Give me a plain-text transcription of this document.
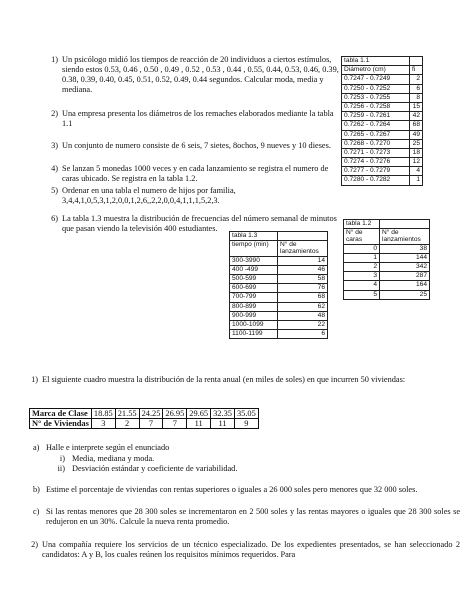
1) Un psicólogo midió los tiempos de reacción de 20 individuos a ciertos estímulos, siendo estos 0.53, 0.46 , 0.50 , 0.49 , 0.52 , 0.53 , 0.44 , 0.55, 0.44, 0.53, 0.46, 0.39, 0.38, 0.39, 0.40, 0.45, 0.51, 0.52, 0.49, 0.44 segundos. Calcular moda, media y mediana.
2) Una empresa presenta los diámetros de los remaches elaborados mediante la tabla 1.1
3) Un conjunto de numero consiste de 6 seis, 7 sietes, 8ochos, 9 nueves y 10 dieses.
4) Se lanzan 5 monedas 1000 veces y en cada lanzamiento se registra el numero de caras ubicado. Se registra en la tabla 1.2.
5) Ordenar en una tabla el numero de hijos por familia, 3,4,4,1,0,5,3,1,2,0,0,1,2,6,,2,2,0,0,4,1,1,1,5,2,3.
6) La tabla 1.3 muestra la distribución de frecuencias del número semanal de minutos que pasan viendo la televisión 400 estudiantes.
tabla 1.1	
Diámetro (cm)	fi
0.7247 - 0.7249	2
0.7250 - 0.7252	6
0.7253 - 0.7255	8
0.7256 - 0.7258	15
0.7259 - 0.7261	42
0.7262 - 0.7264	68
0.7265 - 0.7267	49
0.7268 - 0.7270	25
0.7271 - 0.7273	18
0.7274 - 0.7276	12
0.7277 - 0.7279	4
0.7280 - 0.7282	1
tabla 1.3	
tiempo (min)	N° de lanzamientos
300-3990	14
400 -499	46
500-599	58
600-699	76
700-799	68
800-899	62
900-999	48
1000-1099	22
1100-1199	6
tabla 1.2	
N° de caras	N° de lanzamientos
0	38
1	144
2	342
3	287
4	164
5	25
1) El siguiente cuadro muestra la distribución de la renta anual (en miles de soles) en que incurren 50 viviendas:
Marca de Clase	18.85	21.55	24.25	26.95	29.65	32.35	35.05
N° de Viviendas	3	2	7	7	11	11	9
a) Halle e interprete según el enunciado
i) Media, mediana y moda.
ii) Desviación estándar y coeficiente de variabilidad.
b) Estime el porcentaje de viviendas con rentas superiores o iguales a 26 000 soles pero menores que 32 000 soles.
c) Si las rentas menores que 28 300 soles se incrementaron en 2 500 soles y las rentas mayores o iguales que 28 300 soles se redujeron en un 30%. Calcule la nueva renta promedio.
2) Una compañía requiere los servicios de un técnico especializado. De los expedientes presentados, se han seleccionado 2 candidatos: A y B, los cuales reúnen los requisitos mínimos requeridos. Para
